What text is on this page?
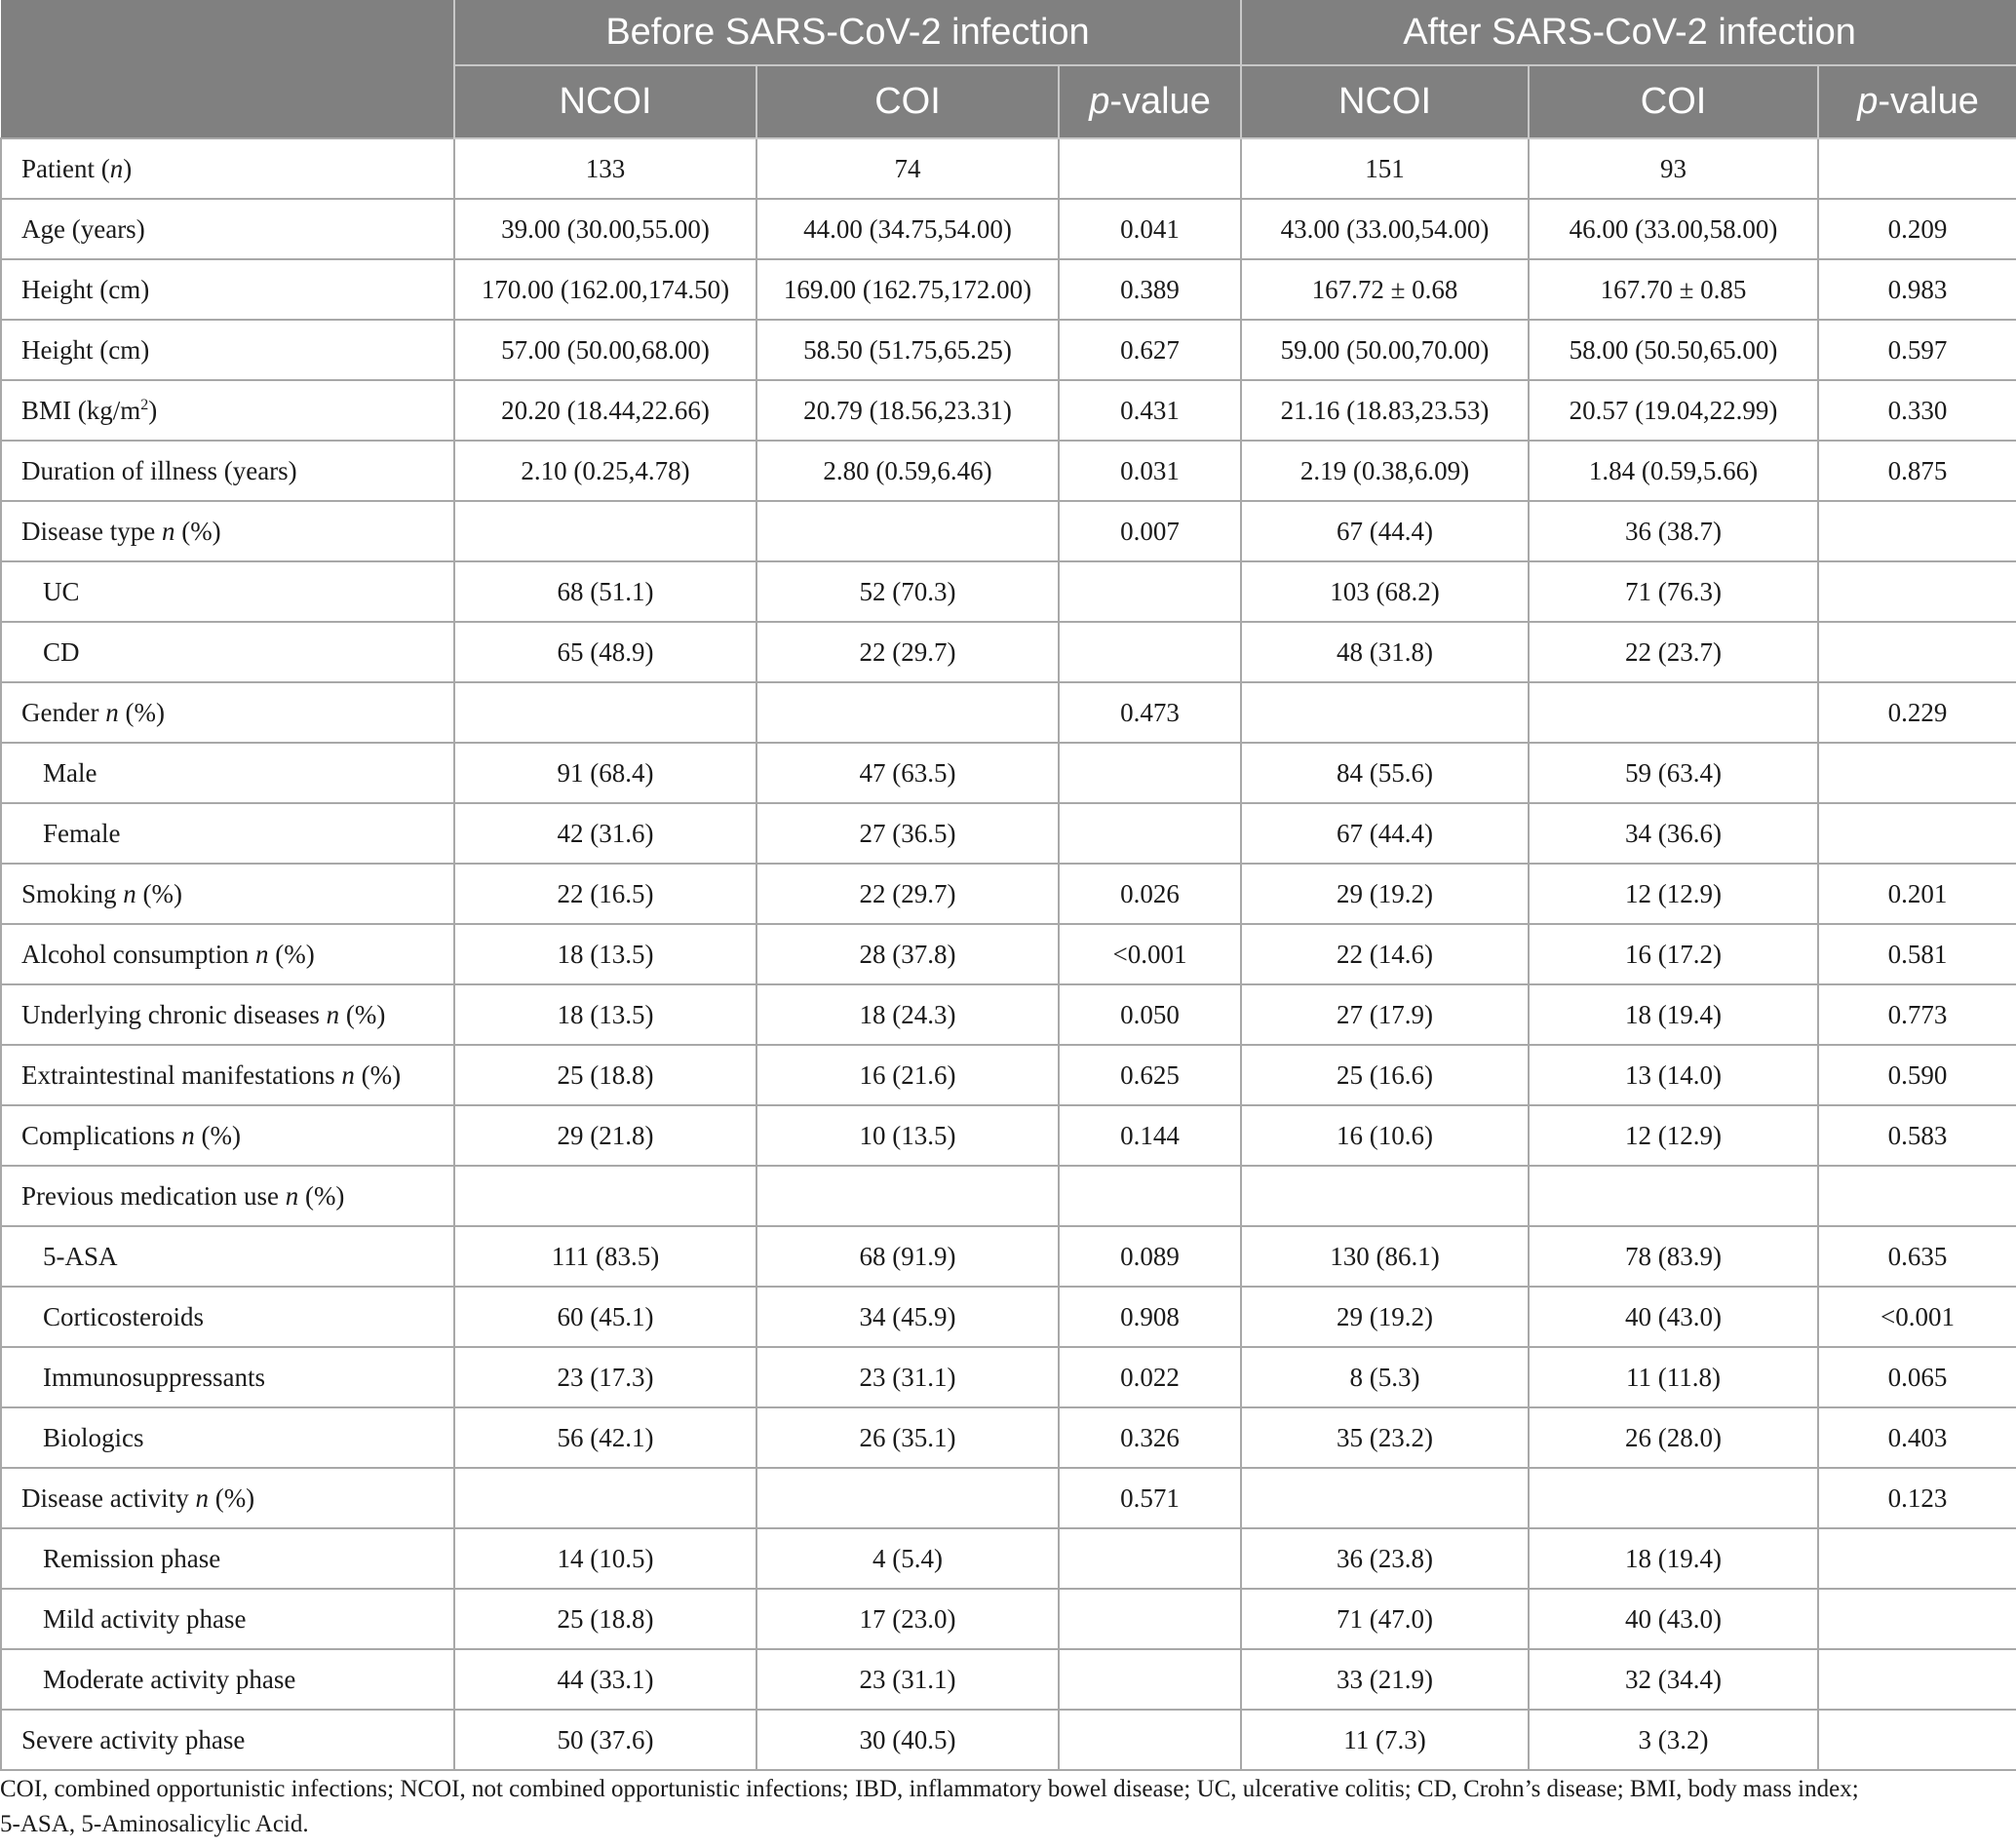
	Before SARS-CoV-2 infection			After SARS-CoV-2 infection		
	NCOI	COI	p-value	NCOI	COI	p-value
Patient (n)	133	74		151	93	
Age (years)	39.00 (30.00,55.00)	44.00 (34.75,54.00)	0.041	43.00 (33.00,54.00)	46.00 (33.00,58.00)	0.209
Height (cm)	170.00 (162.00,174.50)	169.00 (162.75,172.00)	0.389	167.72 ± 0.68	167.70 ± 0.85	0.983
Height (cm)	57.00 (50.00,68.00)	58.50 (51.75,65.25)	0.627	59.00 (50.00,70.00)	58.00 (50.50,65.00)	0.597
BMI $(kg/m^2)$	20.20 (18.44,22.66)	20.79 (18.56,23.31)	0.431	21.16 (18.83,23.53)	20.57 (19.04,22.99)	0.330
Duration of illness (years)	2.10 (0.25,4.78)	2.80 (0.59,6.46)	0.031	2.19 (0.38,6.09)	1.84 (0.59,5.66)	0.875
Disease type n (%)			0.007	67 (44.4)	36 (38.7)	
UC	68 (51.1)	52 (70.3)		103 (68.2)	71 (76.3)	
CD	65 (48.9)	22 (29.7)		48 (31.8)	22 (23.7)	
Gender n (%)			0.473			0.229
Male	91 (68.4)	47 (63.5)		84 (55.6)	59 (63.4)	
Female	42 (31.6)	27 (36.5)		67 (44.4)	34 (36.6)	
Smoking n (%)	22 (16.5)	22 (29.7)	0.026	29 (19.2)	12 (12.9)	0.201
Alcohol consumption n (%)	18 (13.5)	28 (37.8)	<0.001	22 (14.6)	16 (17.2)	0.581
Underlying chronic diseases n (%)	18 (13.5)	18 (24.3)	0.050	27 (17.9)	18 (19.4)	0.773
Extraintestinal manifestations n (%)	25 (18.8)	16 (21.6)	0.625	25 (16.6)	13 (14.0)	0.590
Complications n (%)	29 (21.8)	10 (13.5)	0.144	16 (10.6)	12 (12.9)	0.583
Previous medication use n (%)						
5-ASA	111 (83.5)	68 (91.9)	0.089	130 (86.1)	78 (83.9)	0.635
Corticosteroids	60 (45.1)	34 (45.9)	0.908	29 (19.2)	40 (43.0)	<0.001
Immunosuppressants	23 (17.3)	23 (31.1)	0.022	8 (5.3)	11 (11.8)	0.065
Biologics	56 (42.1)	26 (35.1)	0.326	35 (23.2)	26 (28.0)	0.403
Disease activity n (%)			0.571			0.123
Remission phase	14 (10.5)	4 (5.4)		36 (23.8)	18 (19.4)	
Mild activity phase	25 (18.8)	17 (23.0)		71 (47.0)	40 (43.0)	
Moderate activity phase	44 (33.1)	23 (31.1)		33 (21.9)	32 (34.4)	
Severe activity phase	50 (37.6)	30 (40.5)		11 (7.3)	3 (3.2)	
COI, combined opportunistic infections; NCOI, not combined opportunistic infections; IBD, inflammatory bowel disease; UC, ulcerative colitis; CD, Crohn’s disease; BMI, body mass index;
5-ASA, 5-Aminosalicylic Acid.
